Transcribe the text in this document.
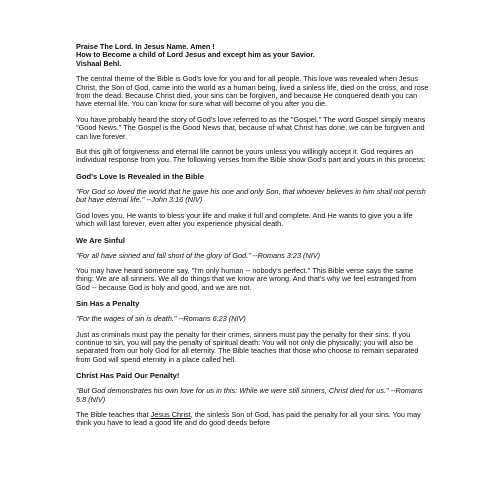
Praise The Lord. In Jesus Name. Amen !
How to Become a child of Lord Jesus and except him as your Savior.
Vishaal Behl.

The central theme of the Bible is God's love for you and for all people. This love was revealed when Jesus Christ, the Son of God, came into the world as a human being, lived a sinless life, died on the cross, and rose from the dead. Because Christ died, your sins can be forgiven, and because He conquered death you can have eternal life. You can know for sure what will become of you after you die.

You have probably heard the story of God's love referred to as the "Gospel." The word Gospel simply means "Good News." The Gospel is the Good News that, because of what Christ has done, we can be forgiven and can live forever.

But this gift of forgiveness and eternal life cannot be yours unless you willingly accept it. God requires an individual response from you. The following verses from the Bible show God's part and yours in this process:

God's Love Is Revealed in the Bible

"For God so loved the world that he gave his one and only Son, that whoever believes in him shall not perish but have eternal life." --John 3:16 (NIV)

God loves you. He wants to bless your life and make it full and complete. And He wants to give you a life which will last forever, even after you experience physical death.

We Are Sinful

"For all have sinned and fall short of the glory of God." --Romans 3:23 (NIV)

You may have heard someone say, "I'm only human -- nobody's perfect." This Bible verse says the same thing: We are all sinners. We all do things that we know are wrong. And that's why we feel estranged from God -- because God is holy and good, and we are not.

Sin Has a Penalty

"For the wages of sin is death." --Romans 6:23 (NIV)

Just as criminals must pay the penalty for their crimes, sinners must pay the penalty for their sins. If you continue to sin, you will pay the penalty of spiritual death: You will not only die physically; you will also be separated from our holy God for all eternity. The Bible teaches that those who choose to remain separated from God will spend eternity in a place called hell.

Christ Has Paid Our Penalty!

"But God demonstrates his own love for us in this: While we were still sinners, Christ died for us." --Romans 5:8 (NIV)

The Bible teaches that Jesus Christ, the sinless Son of God, has paid the penalty for all your sins. You may think you have to lead a good life and do good deeds before
